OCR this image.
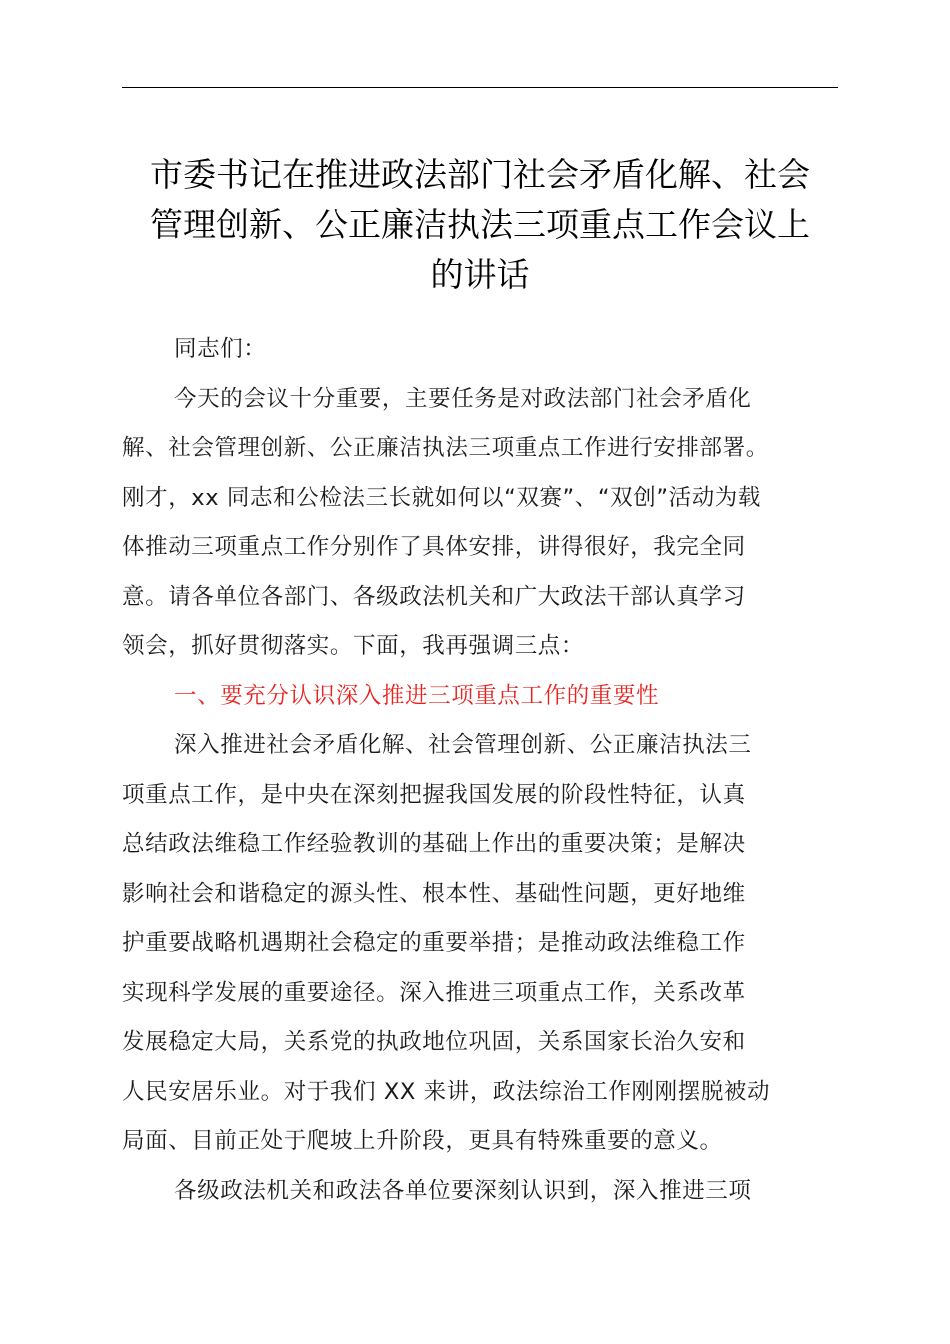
市委书记在推进政法部门社会矛盾化解、社会
管理创新、公正廉洁执法三项重点工作会议上
的讲话
同志们：
今天的会议十分重要，主要任务是对政法部门社会矛盾化
解、社会管理创新、公正廉洁执法三项重点工作进行安排部署。
刚才，xx 同志和公检法三长就如何以“双赛”、“双创”活动为载
体推动三项重点工作分别作了具体安排，讲得很好，我完全同
意。请各单位各部门、各级政法机关和广大政法干部认真学习
领会，抓好贯彻落实。下面，我再强调三点：
一、要充分认识深入推进三项重点工作的重要性
深入推进社会矛盾化解、社会管理创新、公正廉洁执法三
项重点工作，是中央在深刻把握我国发展的阶段性特征，认真
总结政法维稳工作经验教训的基础上作出的重要决策；是解决
影响社会和谐稳定的源头性、根本性、基础性问题，更好地维
护重要战略机遇期社会稳定的重要举措；是推动政法维稳工作
实现科学发展的重要途径。深入推进三项重点工作，关系改革
发展稳定大局，关系党的执政地位巩固，关系国家长治久安和
人民安居乐业。对于我们 XX 来讲，政法综治工作刚刚摆脱被动
局面、目前正处于爬坡上升阶段，更具有特殊重要的意义。
各级政法机关和政法各单位要深刻认识到，深入推进三项
